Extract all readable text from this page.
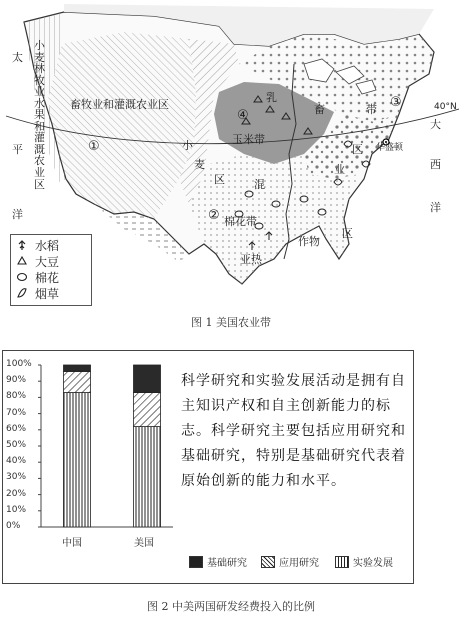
太
平
洋
大
西
洋
小麦 林 牧 业 水 果 和 灌 溉 农 业 区
畜牧业和灌溉农业区
小
麦
区
玉米带
乳
畜	带
混
业
区
棉花带
亚热
作物
区
华盛顿
40°N
①
②
③
④
水稻
大豆
棉花
烟草
图 1 美国农业带
0%
10%
20%
30%
40%
50%
60%
70%
80%
90%
100%
中国	美国
科学研究和实验发展活动是拥有自主知识产权和自主创新能力的标志。科学研究主要包括应用研究和基础研究，特别是基础研究代表着原始创新的能力和水平。
基础研究	应用研究	实验发展
图 2 中美两国研发经费投入的比例
